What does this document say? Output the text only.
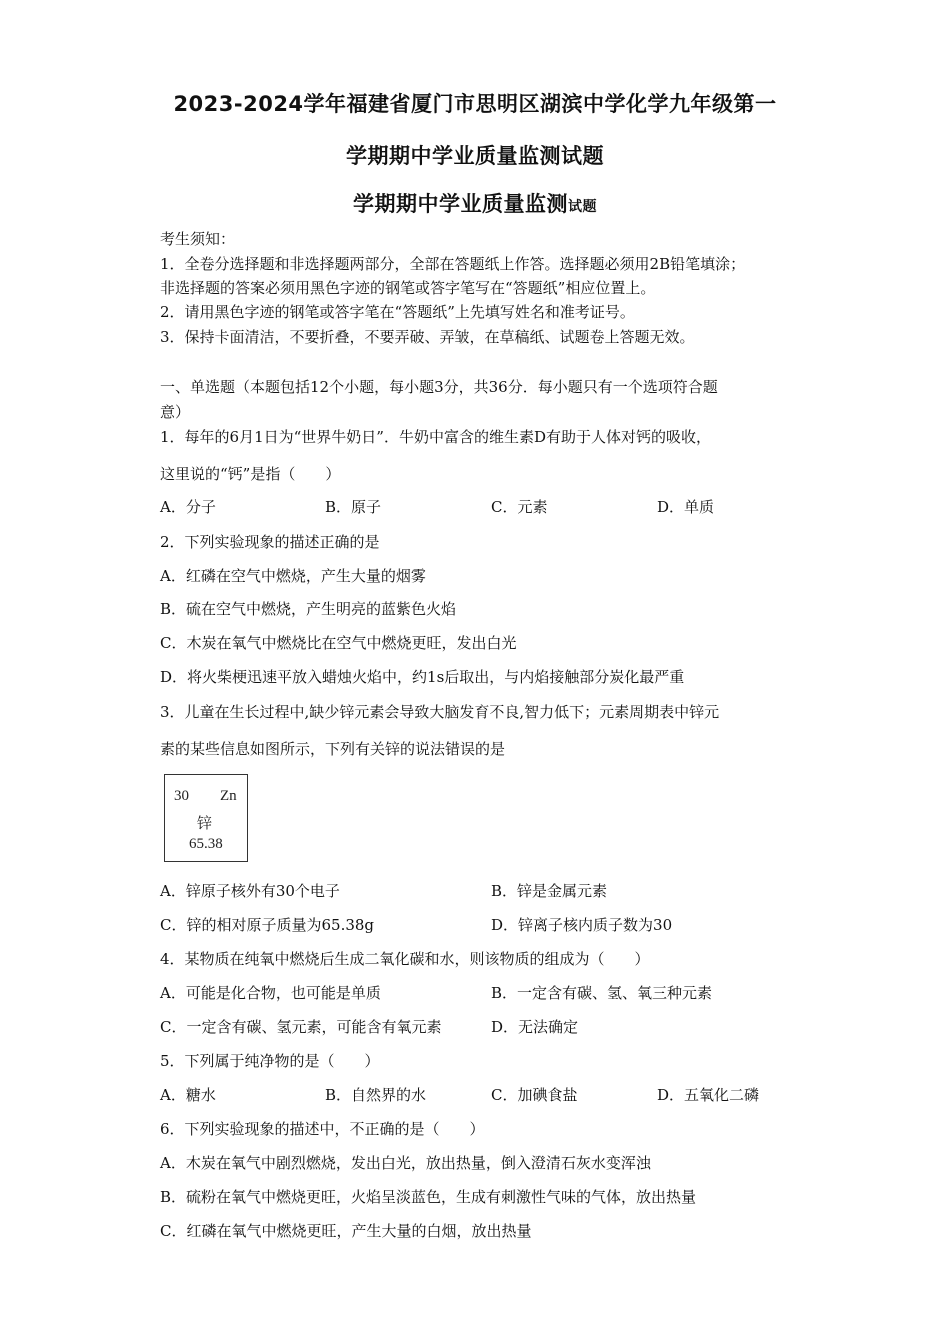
2023-2024学年福建省厦门市思明区湖滨中学化学九年级第一
学期期中学业质量监测试题
学期期中学业质量监测试题
考生须知：
1．全卷分选择题和非选择题两部分，全部在答题纸上作答。选择题必须用2B铅笔填涂；
非选择题的答案必须用黑色字迹的钢笔或答字笔写在“答题纸”相应位置上。
2．请用黑色字迹的钢笔或答字笔在“答题纸”上先填写姓名和准考证号。
3．保持卡面清洁，不要折叠，不要弄破、弄皱，在草稿纸、试题卷上答题无效。
一、单选题（本题包括12个小题，每小题3分，共36分．每小题只有一个选项符合题
意）
1．每年的6月1日为“世界牛奶日”．牛奶中富含的维生素D有助于人体对钙的吸收，
这里说的“钙”是指（　　）
A．分子	B．原子	C．元素	D．单质
2．下列实验现象的描述正确的是
A．红磷在空气中燃烧，产生大量的烟雾
B．硫在空气中燃烧，产生明亮的蓝紫色火焰
C．木炭在氧气中燃烧比在空气中燃烧更旺，发出白光
D．将火柴梗迅速平放入蜡烛火焰中，约1s后取出，与内焰接触部分炭化最严重
3．儿童在生长过程中,缺少锌元素会导致大脑发育不良,智力低下；元素周期表中锌元
素的某些信息如图所示，下列有关锌的说法错误的是
30 Zn
锌
65.38
A．锌原子核外有30个电子	B．锌是金属元素
C．锌的相对原子质量为65.38g	D．锌离子核内质子数为30
4．某物质在纯氧中燃烧后生成二氧化碳和水，则该物质的组成为（　　）
A．可能是化合物，也可能是单质	B．一定含有碳、氢、氧三种元素
C．一定含有碳、氢元素，可能含有氧元素	D．无法确定
5．下列属于纯净物的是（　　）
A．糖水	B．自然界的水	C．加碘食盐	D．五氧化二磷
6．下列实验现象的描述中，不正确的是（　　）
A．木炭在氧气中剧烈燃烧，发出白光，放出热量，倒入澄清石灰水变浑浊
B．硫粉在氧气中燃烧更旺，火焰呈淡蓝色，生成有刺激性气味的气体，放出热量
C．红磷在氧气中燃烧更旺，产生大量的白烟，放出热量
